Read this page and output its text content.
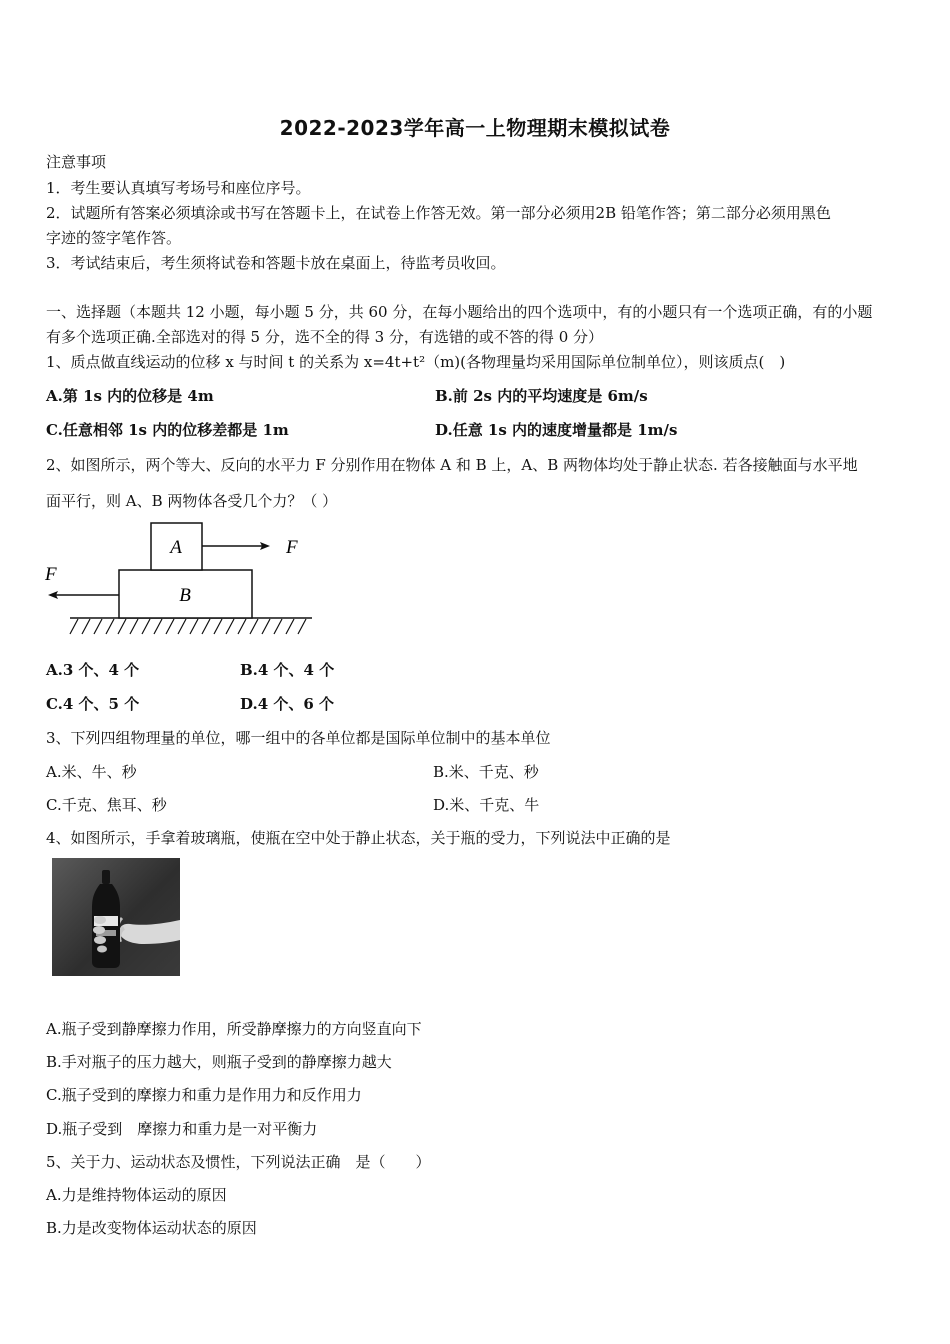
2022-2023学年高一上物理期末模拟试卷
注意事项
1．考生要认真填写考场号和座位序号。
2．试题所有答案必须填涂或书写在答题卡上，在试卷上作答无效。第一部分必须用2B 铅笔作答；第二部分必须用黑色
字迹的签字笔作答。
3．考试结束后，考生须将试卷和答题卡放在桌面上，待监考员收回。
一、选择题（本题共 12 小题，每小题 5 分，共 60 分，在每小题给出的四个选项中，有的小题只有一个选项正确，有的小题
有多个选项正确.全部选对的得 5 分，选不全的得 3 分，有选错的或不答的得 0 分）
1、质点做直线运动的位移 x 与时间 t 的关系为 x=4t+t²（m)(各物理量均采用国际单位制单位），则该质点(　)
A.第 1s 内的位移是 4m	B.前 2s 内的平均速度是 6m/s
C.任意相邻 1s 内的位移差都是 1m	D.任意 1s 内的速度增量都是 1m/s
2、如图所示，两个等大、反向的水平力 F 分别作用在物体 A 和 B 上，A、B 两物体均处于静止状态. 若各接触面与水平地
面平行，则 A、B 两物体各受几个力？（ ）
B
A	F
F
A.3 个、4 个	B.4 个、4 个
C.4 个、5 个	D.4 个、6 个
3、下列四组物理量的单位，哪一组中的各单位都是国际单位制中的基本单位
A.米、牛、秒	B.米、千克、秒
C.千克、焦耳、秒	D.米、千克、牛
4、如图所示，手拿着玻璃瓶，使瓶在空中处于静止状态，关于瓶的受力，下列说法中正确的是
A.瓶子受到静摩擦力作用，所受静摩擦力的方向竖直向下
B.手对瓶子的压力越大，则瓶子受到的静摩擦力越大
C.瓶子受到的摩擦力和重力是作用力和反作用力
D.瓶子受到　摩擦力和重力是一对平衡力
5、关于力、运动状态及惯性，下列说法正确　是（　　）
A.力是维持物体运动的原因
B.力是改变物体运动状态的原因
